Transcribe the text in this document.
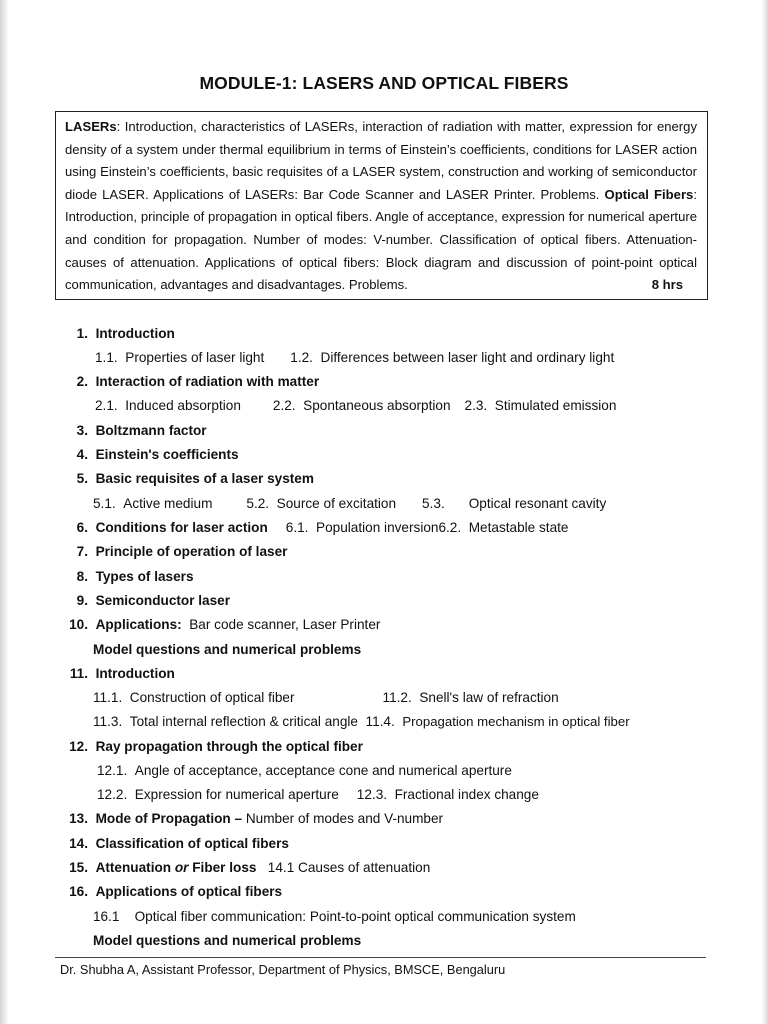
MODULE-1: LASERS AND OPTICAL FIBERS
LASERs: Introduction, characteristics of LASERs, interaction of radiation with matter, expression for energy density of a system under thermal equilibrium in terms of Einstein’s coefficients, conditions for LASER action using Einstein’s coefficients, basic requisites of a LASER system, construction and working of semiconductor diode LASER. Applications of LASERs: Bar Code Scanner and LASER Printer. Problems. Optical Fibers: Introduction, principle of propagation in optical fibers. Angle of acceptance, expression for numerical aperture and condition for propagation. Number of modes: V-number. Classification of optical fibers. Attenuation-causes of attenuation. Applications of optical fibers: Block diagram and discussion of point-point optical communication, advantages and disadvantages. Problems.	8 hrs
1. Introduction
1.1. Properties of laser light 1.2. Differences between laser light and ordinary light
2. Interaction of radiation with matter
2.1. Induced absorption 2.2. Spontaneous absorption 2.3. Stimulated emission
3. Boltzmann factor
4. Einstein's coefficients
5. Basic requisites of a laser system
5.1. Active medium	5.2. Source of excitation 5.3. Optical resonant cavity
6. Conditions for laser action 6.1. Population inversion6.2. Metastable state
7. Principle of operation of laser
8. Types of lasers
9. Semiconductor laser
10. Applications: Bar code scanner, Laser Printer
Model questions and numerical problems
11. Introduction
11.1. Construction of optical fiber	11.2. Snell's law of refraction
11.3. Total internal reflection & critical angle 11.4. Propagation mechanism in optical fiber
12. Ray propagation through the optical fiber
12.1. Angle of acceptance, acceptance cone and numerical aperture
12.2. Expression for numerical aperture 12.3. Fractional index change
13. Mode of Propagation – Number of modes and V-number
14. Classification of optical fibers
15. Attenuation or Fiber loss 14.1 Causes of attenuation
16. Applications of optical fibers
16.1 Optical fiber communication: Point-to-point optical communication system
Model questions and numerical problems
Dr. Shubha A, Assistant Professor, Department of Physics, BMSCE, Bengaluru
